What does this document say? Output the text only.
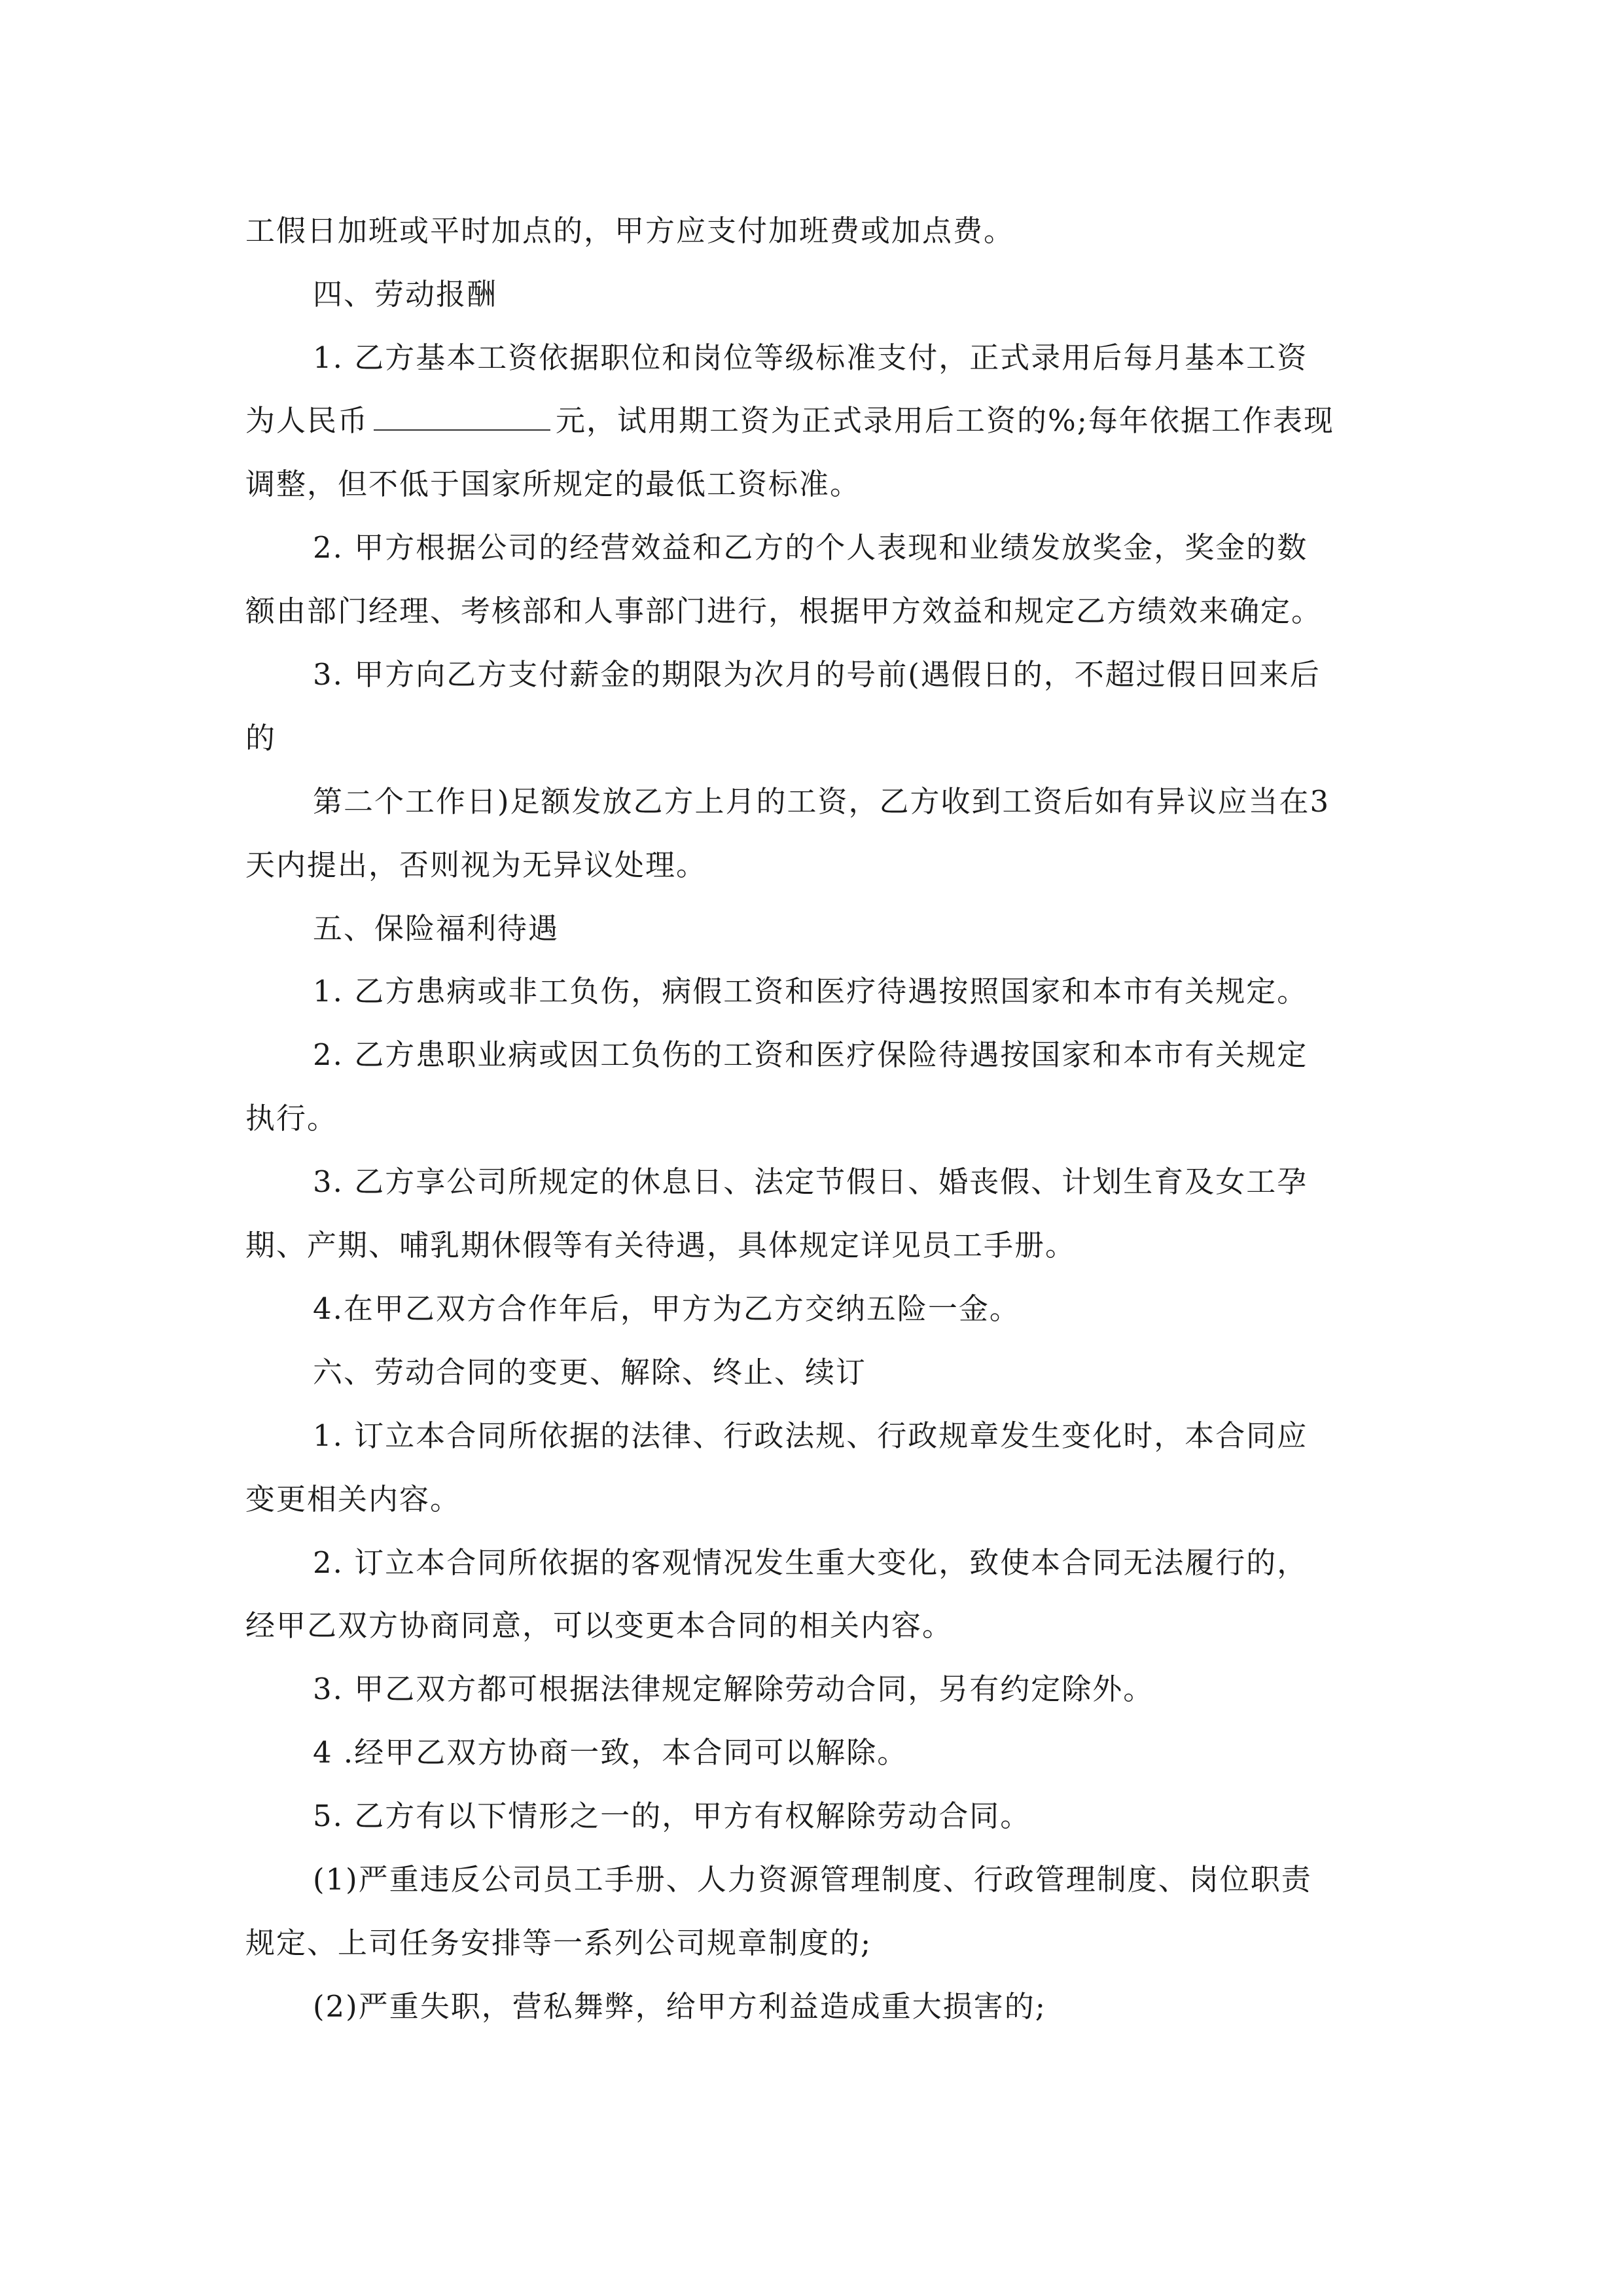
工假日加班或平时加点的，甲方应支付加班费或加点费。
四、劳动报酬
1. 乙方基本工资依据职位和岗位等级标准支付，正式录用后每月基本工资
为人民币	元，试用期工资为正式录用后工资的%;每年依据工作表现
调整，但不低于国家所规定的最低工资标准。
2. 甲方根据公司的经营效益和乙方的个人表现和业绩发放奖金，奖金的数
额由部门经理、考核部和人事部门进行，根据甲方效益和规定乙方绩效来确定。
3. 甲方向乙方支付薪金的期限为次月的号前(遇假日的，不超过假日回来后
的
第二个工作日)足额发放乙方上月的工资，乙方收到工资后如有异议应当在3
天内提出，否则视为无异议处理。
五、保险福利待遇
1. 乙方患病或非工负伤，病假工资和医疗待遇按照国家和本市有关规定。
2. 乙方患职业病或因工负伤的工资和医疗保险待遇按国家和本市有关规定
执行。
3. 乙方享公司所规定的休息日、法定节假日、婚丧假、计划生育及女工孕
期、产期、哺乳期休假等有关待遇，具体规定详见员工手册。
4.在甲乙双方合作年后，甲方为乙方交纳五险一金。
六、劳动合同的变更、解除、终止、续订
1. 订立本合同所依据的法律、行政法规、行政规章发生变化时，本合同应
变更相关内容。
2. 订立本合同所依据的客观情况发生重大变化，致使本合同无法履行的，
经甲乙双方协商同意，可以变更本合同的相关内容。
3. 甲乙双方都可根据法律规定解除劳动合同，另有约定除外。
4 .经甲乙双方协商一致，本合同可以解除。
5. 乙方有以下情形之一的，甲方有权解除劳动合同。
(1)严重违反公司员工手册、人力资源管理制度、行政管理制度、岗位职责
规定、上司任务安排等一系列公司规章制度的;
(2)严重失职，营私舞弊，给甲方利益造成重大损害的;
